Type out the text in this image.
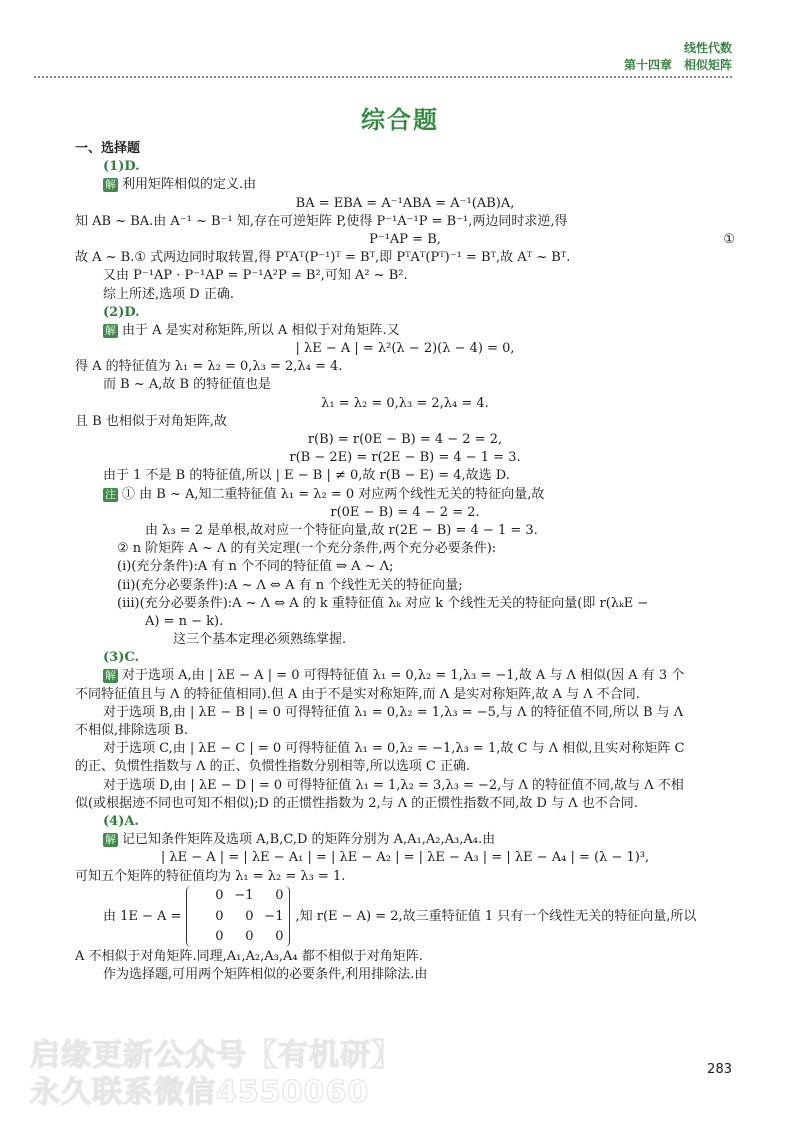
线性代数
第十四章　相似矩阵
综合题
一、选择题
(1)D.
解 利用矩阵相似的定义.由
BA = EBA = A⁻¹ABA = A⁻¹(AB)A,
知 AB ~ BA.由 A⁻¹ ~ B⁻¹ 知,存在可逆矩阵 P,使得 P⁻¹A⁻¹P = B⁻¹,两边同时求逆,得
P⁻¹AP = B,	①
故 A ~ B.① 式两边同时取转置,得 PᵀAᵀ(P⁻¹)ᵀ = Bᵀ,即 PᵀAᵀ(Pᵀ)⁻¹ = Bᵀ,故 Aᵀ ~ Bᵀ.
又由 P⁻¹AP · P⁻¹AP = P⁻¹A²P = B²,可知 A² ~ B².
综上所述,选项 D 正确.
(2)D.
解 由于 A 是实对称矩阵,所以 A 相似于对角矩阵.又
| λE − A | = λ²(λ − 2)(λ − 4) = 0,
得 A 的特征值为 λ₁ = λ₂ = 0,λ₃ = 2,λ₄ = 4.
而 B ~ A,故 B 的特征值也是
λ₁ = λ₂ = 0,λ₃ = 2,λ₄ = 4.
且 B 也相似于对角矩阵,故
r(B) = r(0E − B) = 4 − 2 = 2,
r(B − 2E) = r(2E − B) = 4 − 1 = 3.
由于 1 不是 B 的特征值,所以 | E − B | ≠ 0,故 r(B − E) = 4,故选 D.
注 ① 由 B ~ A,知二重特征值 λ₁ = λ₂ = 0 对应两个线性无关的特征向量,故
r(0E − B) = 4 − 2 = 2.
由 λ₃ = 2 是单根,故对应一个特征向量,故 r(2E − B) = 4 − 1 = 3.
② n 阶矩阵 A ~ Λ 的有关定理(一个充分条件,两个充分必要条件):
(ⅰ)(充分条件):A 有 n 个不同的特征值 ⇒ A ~ Λ;
(ⅱ)(充分必要条件):A ~ Λ ⇔ A 有 n 个线性无关的特征向量;
(ⅲ)(充分必要条件):A ~ Λ ⇔ A 的 k 重特征值 λₖ 对应 k 个线性无关的特征向量(即 r(λₖE −
A) = n − k).
这三个基本定理必须熟练掌握.
(3)C.
解 对于选项 A,由 | λE − A | = 0 可得特征值 λ₁ = 0,λ₂ = 1,λ₃ = −1,故 A 与 Λ 相似(因 A 有 3 个
不同特征值且与 Λ 的特征值相同).但 A 由于不是实对称矩阵,而 Λ 是实对称矩阵,故 A 与 Λ 不合同.
对于选项 B,由 | λE − B | = 0 可得特征值 λ₁ = 0,λ₂ = 1,λ₃ = −5,与 Λ 的特征值不同,所以 B 与 Λ
不相似,排除选项 B.
对于选项 C,由 | λE − C | = 0 可得特征值 λ₁ = 0,λ₂ = −1,λ₃ = 1,故 C 与 Λ 相似,且实对称矩阵 C
的正、负惯性指数与 Λ 的正、负惯性指数分别相等,所以选项 C 正确.
对于选项 D,由 | λE − D | = 0 可得特征值 λ₁ = 1,λ₂ = 3,λ₃ = −2,与 Λ 的特征值不同,故与 Λ 不相
似(或根据迹不同也可知不相似);D 的正惯性指数为 2,与 Λ 的正惯性指数不同,故 D 与 Λ 也不合同.
(4)A.
解 记已知条件矩阵及选项 A,B,C,D 的矩阵分别为 A,A₁,A₂,A₃,A₄.由
| λE − A | = | λE − A₁ | = | λE − A₂ | = | λE − A₃ | = | λE − A₄ | = (λ − 1)³,
可知五个矩阵的特征值均为 λ₁ = λ₂ = λ₃ = 1.
由 1E − A =
0 −1	0
0	0 −1
0	0	0
,知 r(E − A) = 2,故三重特征值 1 只有一个线性无关的特征向量,所以
A 不相似于对角矩阵.同理,A₁,A₂,A₃,A₄ 都不相似于对角矩阵.
作为选择题,可用两个矩阵相似的必要条件,利用排除法.由
283
启缘更新公众号【有机研】
永久联系微信4550060
